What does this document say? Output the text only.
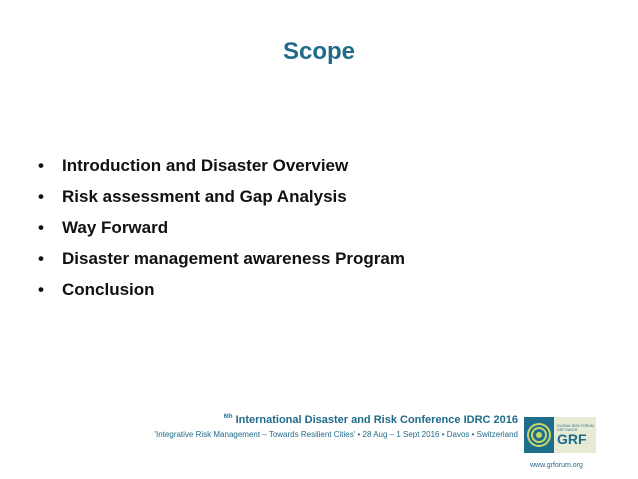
Scope
•	Introduction and Disaster Overview
•	Risk assessment and Gap Analysis
•	Way Forward
•	Disaster management awareness Program
•	Conclusion
$^{6th}$ International Disaster and Risk Conference IDRC 2016
'Integrative Risk Management – Towards Resilient Cities' • 28 Aug – 1 Sept 2016 • Davos • Switzerland
GLOBAL RISK FORUM GRF DAVOS
GRF
www.grforum.org
